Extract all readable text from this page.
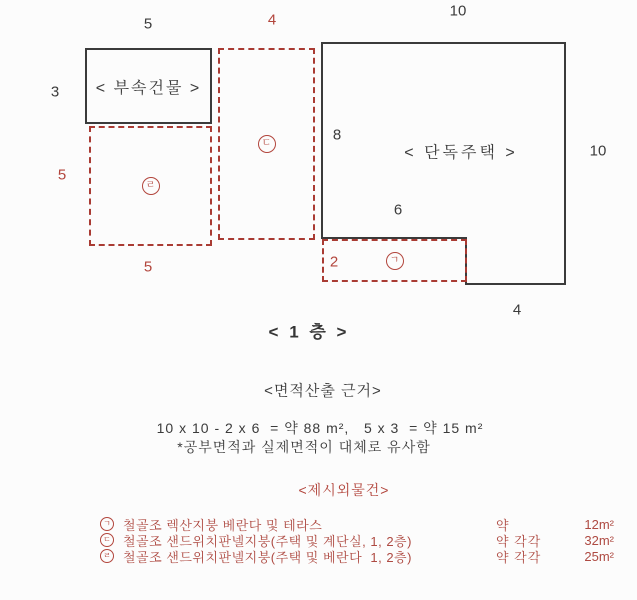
< 부속건물 >
ㄷ
ㄹ
ㄱ
< 단독주택 >
5	4
10
3
5
5
8
10
6
2
4
< 1 층 >
<면적산출 근거>
10 x 10 - 2 x 6  = 약 88 m²,   5 x 3  = 약 15 m²
*공부면적과 실제면적이 대체로 유사함
<제시외물건>
ㄱ 철골조 렉산지붕 베란다 및 테라스	약	12m²
ㄷ 철골조 샌드위치판넬지붕(주택 및 계단실, 1, 2층)	약 각각	32m²
ㄹ 철골조 샌드위치판넬지붕(주택 및 베란다  1, 2층)	약 각각	25m²
